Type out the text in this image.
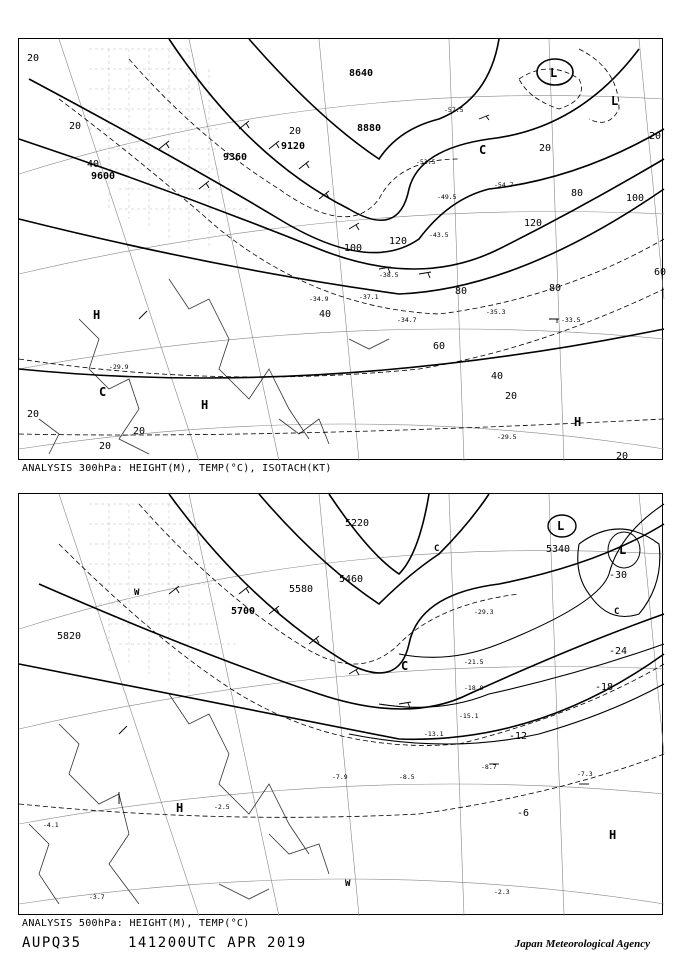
8640
8880
9120
9360
9600
20
20
40
20
20
20
120
80	100
100
120
80	80
60
40
60
40
20
20
20
20
20
H
H
H
L
L
C
C
-37.1
-34.7
-35.3
-33.5
-34.9
-29.9
-29.5
-54.7
-57.5
-53.5
-38.5
-49.5
-43.5
ANALYSIS 300hPa: HEIGHT(M), TEMP(°C), ISOTACH(KT)
5340
5460
5580
5700
5820
5220
-6
-12
-18
-24
-30
H
H
W
W
L
L
C
C
C
-8.5
-8.7
-7.3
-7.9
-2.3
-4.1
-3.7
-2.5
-13.1
-15.1
-18.9
-21.5
-29.3
ANALYSIS 500hPa: HEIGHT(M), TEMP(°C)
AUPQ35	141200UTC APR 2019	Japan Meteorological Agency
